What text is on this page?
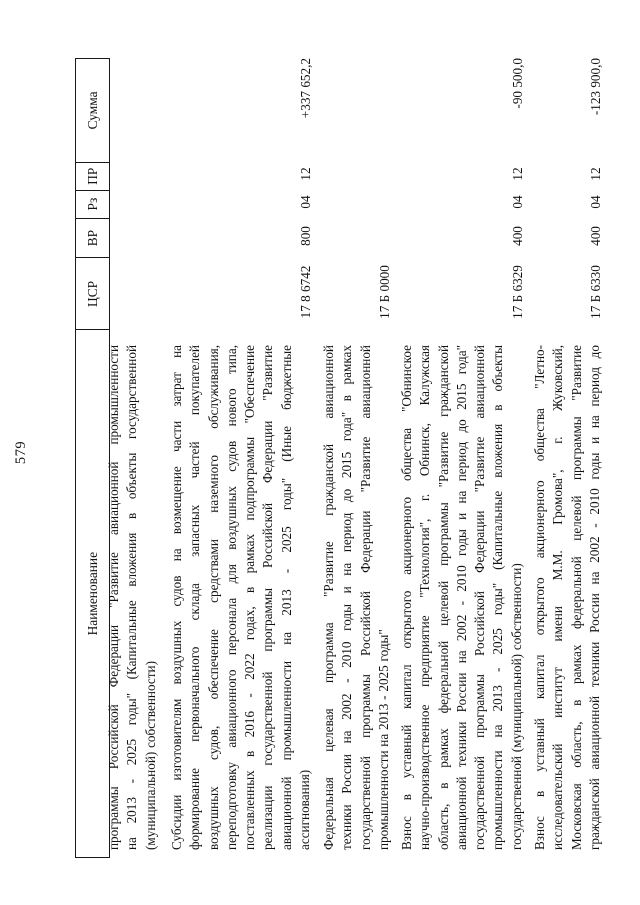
579
Наименование
ЦСР
ВР
Рз
ПР
Сумма
программы Российской Федерации "Развитие авиационной промышленности на 2013 - 2025 годы" (Капитальные вложения в объекты государственной (муниципальной) собственности) Субсидии изготовителям воздушных судов на возмещение части затрат на формирование первоначального склада запасных частей покупателей воздушных судов, обеспечение средствами наземного обслуживания, переподготовку авиационного персонала для воздушных судов нового типа, поставленных в 2016 - 2022 годах, в рамках подпрограммы "Обеспечение реализации государственной программы Российской Федерации "Развитие авиационной промышленности на 2013 - 2025 годы" (Иные бюджетные ассигнования)
17 8 6742
800
04
12
+337 652,2
Федеральная целевая программа "Развитие гражданской авиационной техники России на 2002 - 2010 годы и на период до 2015 года" в рамках государственной программы Российской Федерации "Развитие авиационной промышленности на 2013 - 2025 годы"
17 Б 0000
Взнос в уставный капитал открытого акционерного общества "Обнинское научно-производственное предприятие "Технология", г. Обнинск, Калужская область, в рамках федеральной целевой программы "Развитие гражданской авиационной техники России на 2002 - 2010 годы и на период до 2015 года" государственной программы Российской Федерации "Развитие авиационной промышленности на 2013 - 2025 годы" (Капитальные вложения в объекты государственной (муниципальной) собственности)
17 Б 6329
400
04
12
-90 500,0
Взнос в уставный капитал открытого акционерного общества "Летно- исследовательский институт имени М.М. Громова", г. Жуковский, Московская область, в рамках федеральной целевой программы "Развитие гражданской авиационной техники России на 2002 - 2010 годы и на период до
17 Б 6330
400
04
12
-123 900,0
